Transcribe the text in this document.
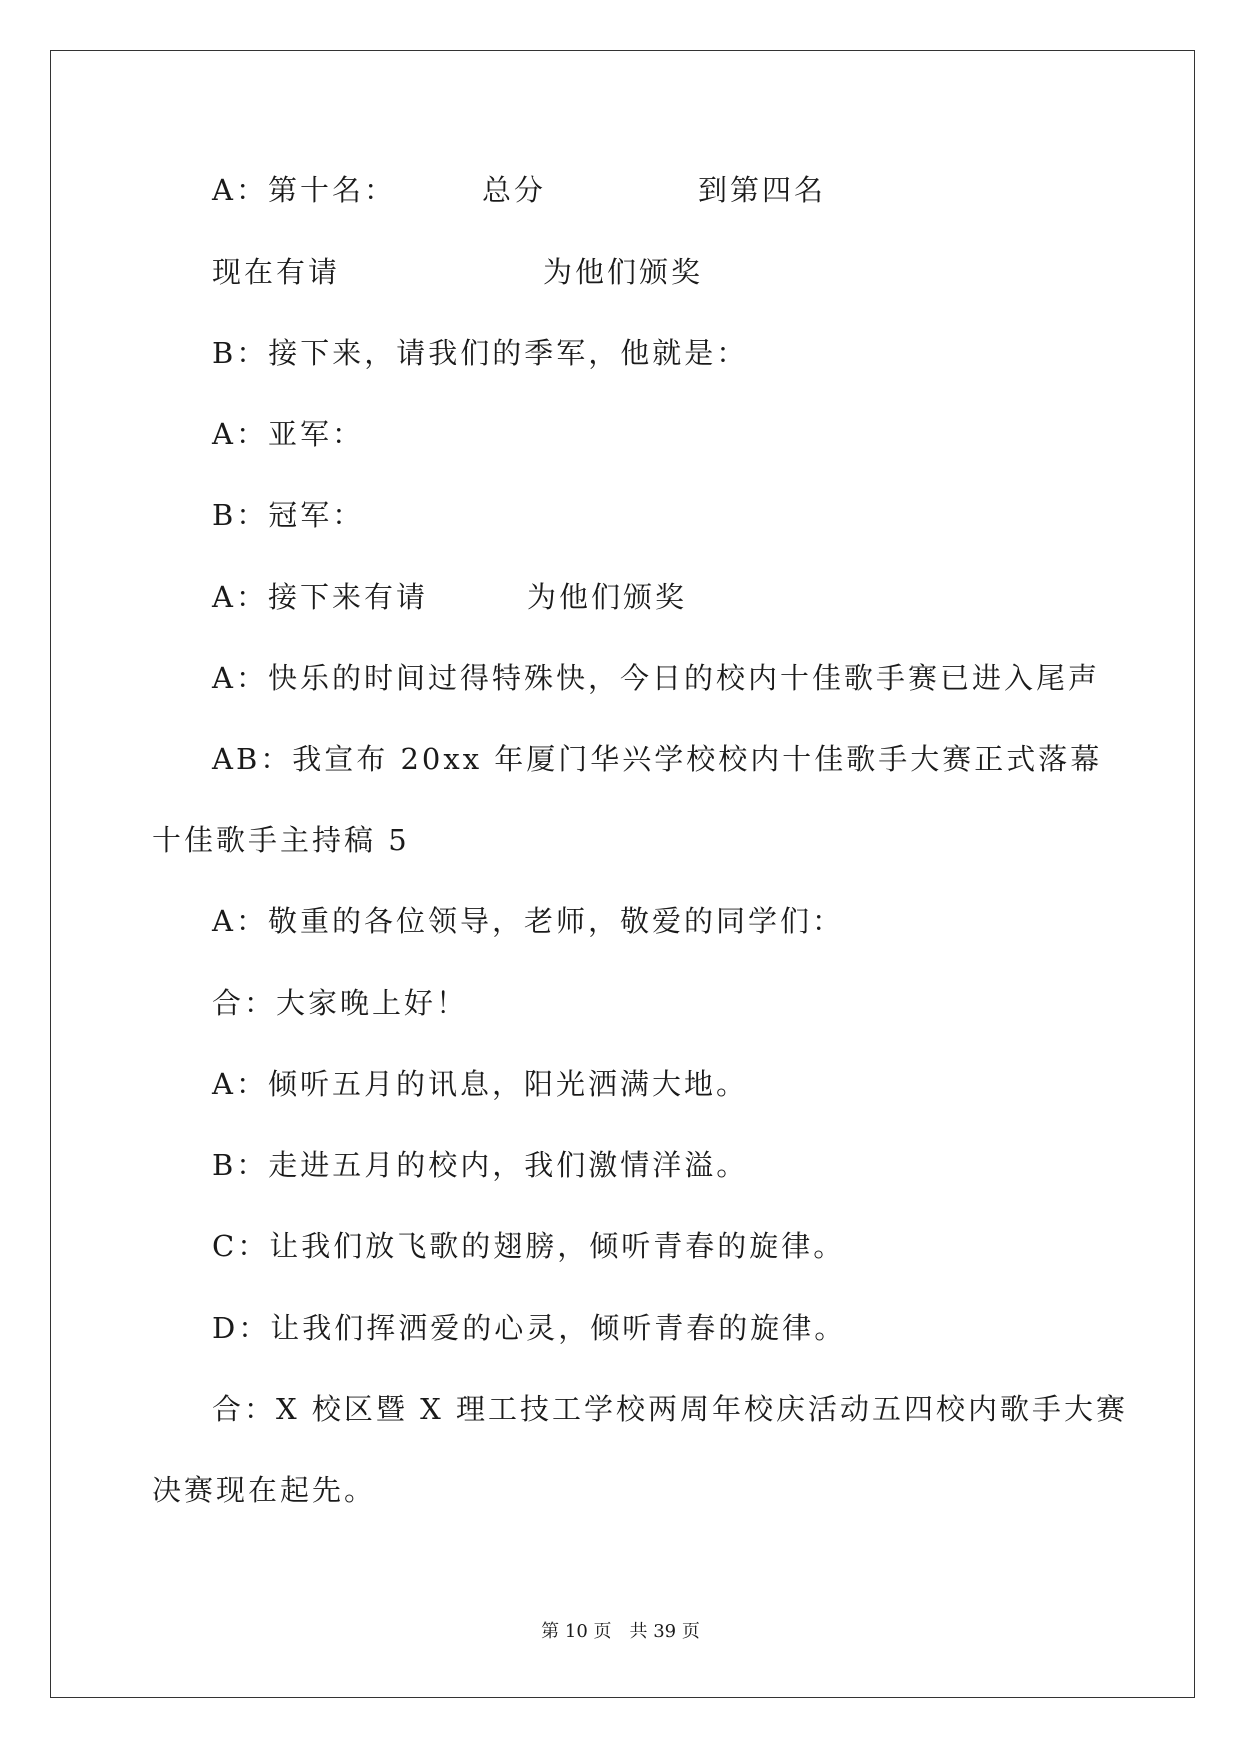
A：第十名：	总分	到第四名
现在有请	为他们颁奖
B：接下来，请我们的季军，他就是：
A：亚军：
B：冠军：
A：接下来有请	为他们颁奖
A：快乐的时间过得特殊快，今日的校内十佳歌手赛已进入尾声
AB：我宣布 20xx 年厦门华兴学校校内十佳歌手大赛正式落幕
十佳歌手主持稿 5
A：敬重的各位领导，老师，敬爱的同学们：
合：大家晚上好！
A：倾听五月的讯息，阳光洒满大地。
B：走进五月的校内，我们激情洋溢。
C：让我们放飞歌的翅膀，倾听青春的旋律。
D：让我们挥洒爱的心灵，倾听青春的旋律。
合：X 校区暨 X 理工技工学校两周年校庆活动五四校内歌手大赛
决赛现在起先。
第 10 页　共 39 页
